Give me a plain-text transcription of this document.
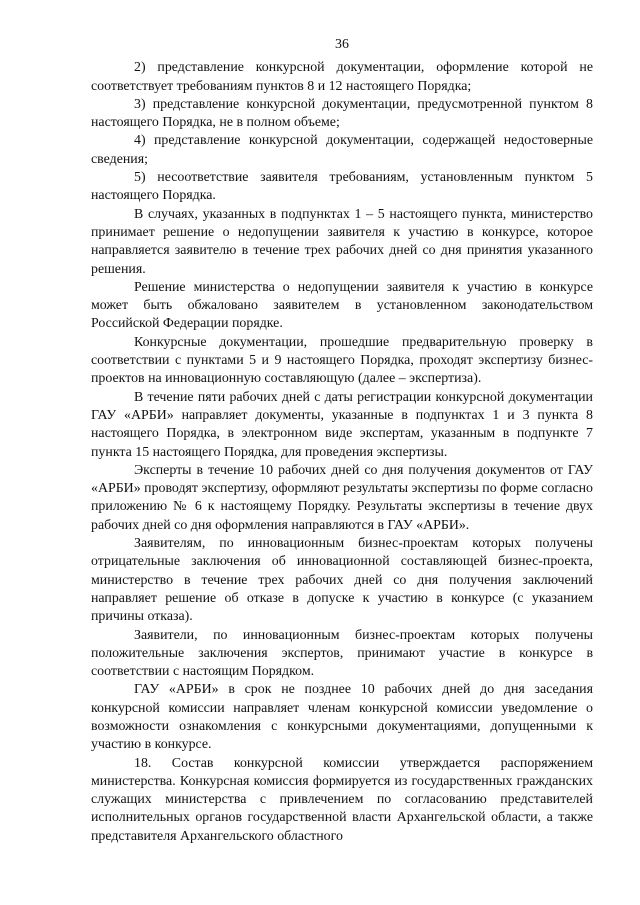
36

2) представление конкурсной документации, оформление которой не соответствует требованиям пунктов 8 и 12 настоящего Порядка;

3) представление конкурсной документации, предусмотренной пунктом 8 настоящего Порядка, не в полном объеме;

4) представление конкурсной документации, содержащей недостоверные сведения;

5) несоответствие заявителя требованиям, установленным пунктом 5 настоящего Порядка.

В случаях, указанных в подпунктах 1 – 5 настоящего пункта, министерство принимает решение о недопущении заявителя к участию в конкурсе, которое направляется заявителю в течение трех рабочих дней со дня принятия указанного решения.

Решение министерства о недопущении заявителя к участию в конкурсе может быть обжаловано заявителем в установленном законодательством Российской Федерации порядке.

Конкурсные документации, прошедшие предварительную проверку в соответствии с пунктами 5 и 9 настоящего Порядка, проходят экспертизу бизнес-проектов на инновационную составляющую (далее – экспертиза).

В течение пяти рабочих дней с даты регистрации конкурсной документации ГАУ «АРБИ» направляет документы, указанные в подпунктах 1 и 3 пункта 8 настоящего Порядка, в электронном виде экспертам, указанным в подпункте 7 пункта 15 настоящего Порядка, для проведения экспертизы.

Эксперты в течение 10 рабочих дней со дня получения документов от ГАУ «АРБИ» проводят экспертизу, оформляют результаты экспертизы по форме согласно приложению № 6 к настоящему Порядку. Результаты экспертизы в течение двух рабочих дней со дня оформления направляются в ГАУ «АРБИ».

Заявителям, по инновационным бизнес-проектам которых получены отрицательные заключения об инновационной составляющей бизнес-проекта, министерство в течение трех рабочих дней со дня получения заключений направляет решение об отказе в допуске к участию в конкурсе (с указанием причины отказа).

Заявители, по инновационным бизнес-проектам которых получены положительные заключения экспертов, принимают участие в конкурсе в соответствии с настоящим Порядком.

ГАУ «АРБИ» в срок не позднее 10 рабочих дней до дня заседания конкурсной комиссии направляет членам конкурсной комиссии уведомление о возможности ознакомления с конкурсными документациями, допущенными к участию в конкурсе.

18. Состав конкурсной комиссии утверждается распоряжением министерства. Конкурсная комиссия формируется из государственных гражданских служащих министерства с привлечением по согласованию представителей исполнительных органов государственной власти Архангельской области, а также представителя Архангельского областного
